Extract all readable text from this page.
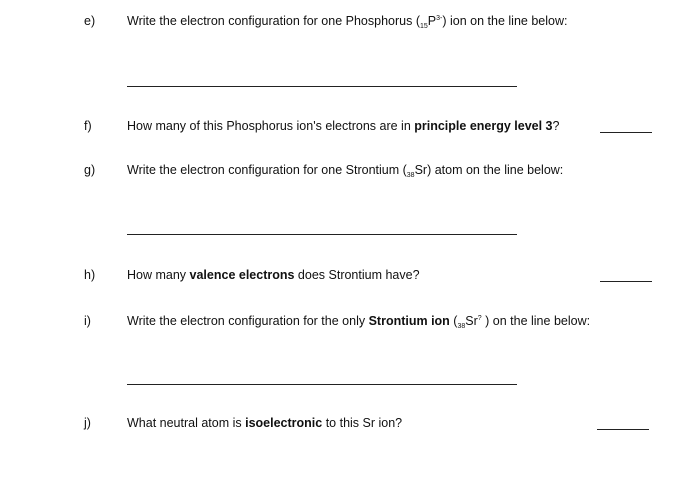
e)	Write the electron configuration for one Phosphorus $(_{15}P^{3-})$ ion on the line below:
f)	How many of this Phosphorus ion's electrons are in principle energy level 3?
g)	Write the electron configuration for one Strontium $(_{38}Sr)$ atom on the line below:
h)	How many valence electrons does Strontium have?
i)	Write the electron configuration for the only Strontium ion ($_{38}Sr^?$ ) on the line below:
j)	What neutral atom is isoelectronic to this Sr ion?
